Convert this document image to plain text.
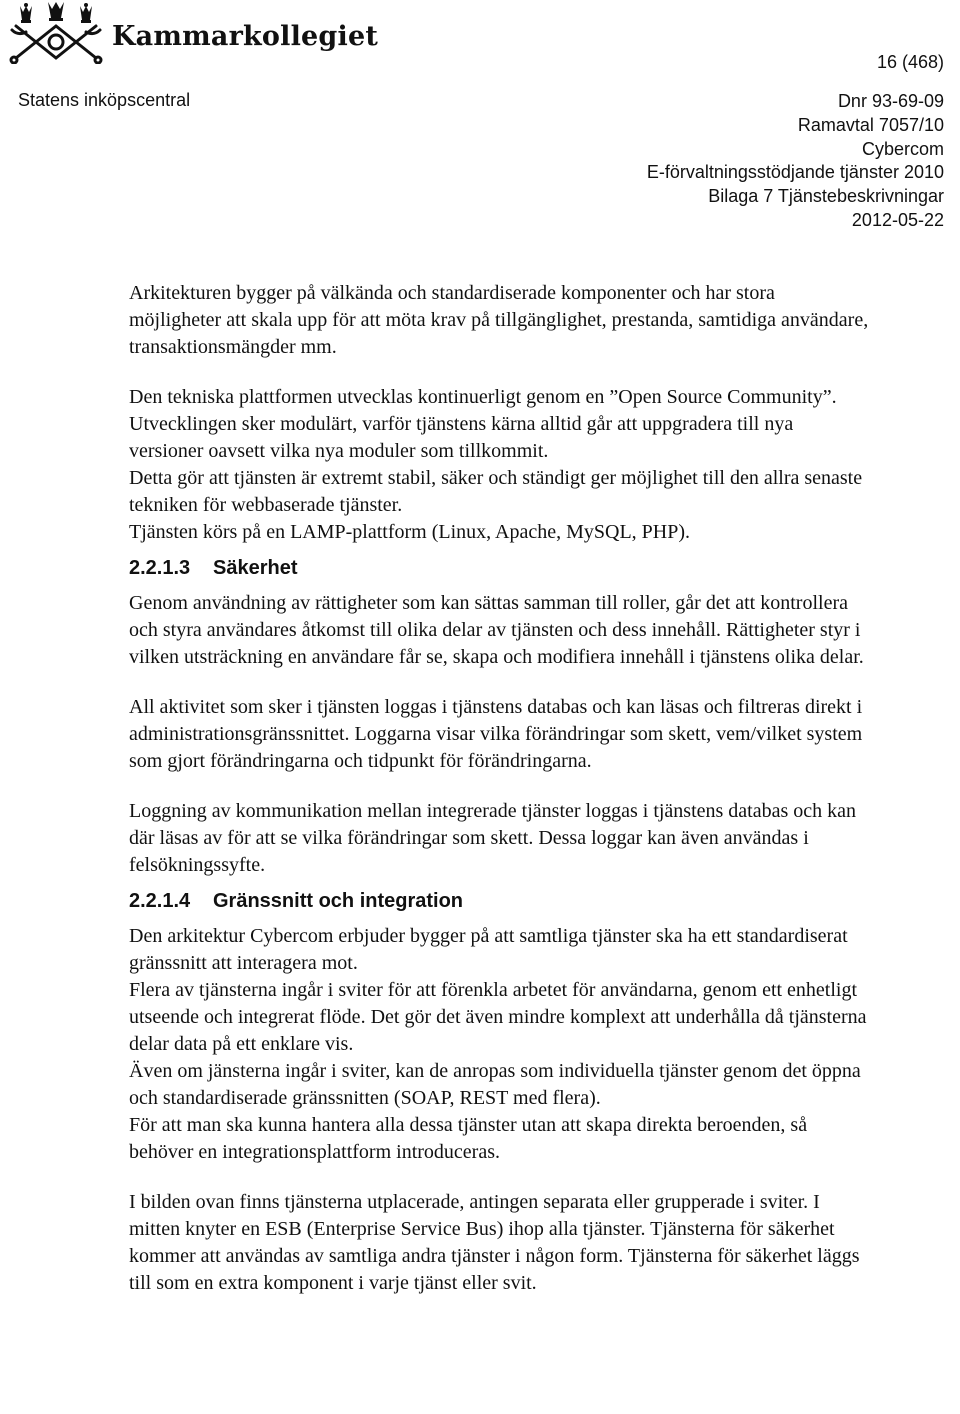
Kammarkollegiet
16 (468)
Statens inköpscentral	Dnr 93-69-09
Ramavtal 7057/10
Cybercom
E-förvaltningsstödjande tjänster 2010
Bilaga 7 Tjänstebeskrivningar
2012-05-22

Arkitekturen bygger på välkända och standardiserade komponenter och har stora möjligheter att skala upp för att möta krav på tillgänglighet, prestanda, samtidiga användare, transaktionsmängder mm.

Den tekniska plattformen utvecklas kontinuerligt genom en ”Open Source Community”. Utvecklingen sker modulärt, varför tjänstens kärna alltid går att uppgradera till nya versioner oavsett vilka nya moduler som tillkommit.

Detta gör att tjänsten är extremt stabil, säker och ständigt ger möjlighet till den allra senaste tekniken för webbaserade tjänster.

Tjänsten körs på en LAMP-plattform (Linux, Apache, MySQL, PHP).

2.2.1.3 Säkerhet

Genom användning av rättigheter som kan sättas samman till roller, går det att kontrollera och styra användares åtkomst till olika delar av tjänsten och dess innehåll. Rättigheter styr i vilken utsträckning en användare får se, skapa och modifiera innehåll i tjänstens olika delar.

All aktivitet som sker i tjänsten loggas i tjänstens databas och kan läsas och filtreras direkt i administrationsgränssnittet. Loggarna visar vilka förändringar som skett, vem/vilket system som gjort förändringarna och tidpunkt för förändringarna.

Loggning av kommunikation mellan integrerade tjänster loggas i tjänstens databas och kan där läsas av för att se vilka förändringar som skett. Dessa loggar kan även användas i felsökningssyfte.

2.2.1.4 Gränssnitt och integration

Den arkitektur Cybercom erbjuder bygger på att samtliga tjänster ska ha ett standardiserat gränssnitt att interagera mot.

Flera av tjänsterna ingår i sviter för att förenkla arbetet för användarna, genom ett enhetligt utseende och integrerat flöde. Det gör det även mindre komplext att underhålla då tjänsterna delar data på ett enklare vis.

Även om jänsterna ingår i sviter, kan de anropas som individuella tjänster genom det öppna och standardiserade gränssnitten (SOAP, REST med flera).

För att man ska kunna hantera alla dessa tjänster utan att skapa direkta beroenden, så behöver en integrationsplattform introduceras.

I bilden ovan finns tjänsterna utplacerade, antingen separata eller grupperade i sviter. I mitten knyter en ESB (Enterprise Service Bus) ihop alla tjänster. Tjänsterna för säkerhet kommer att användas av samtliga andra tjänster i någon form. Tjänsterna för säkerhet läggs till som en extra komponent i varje tjänst eller svit.
